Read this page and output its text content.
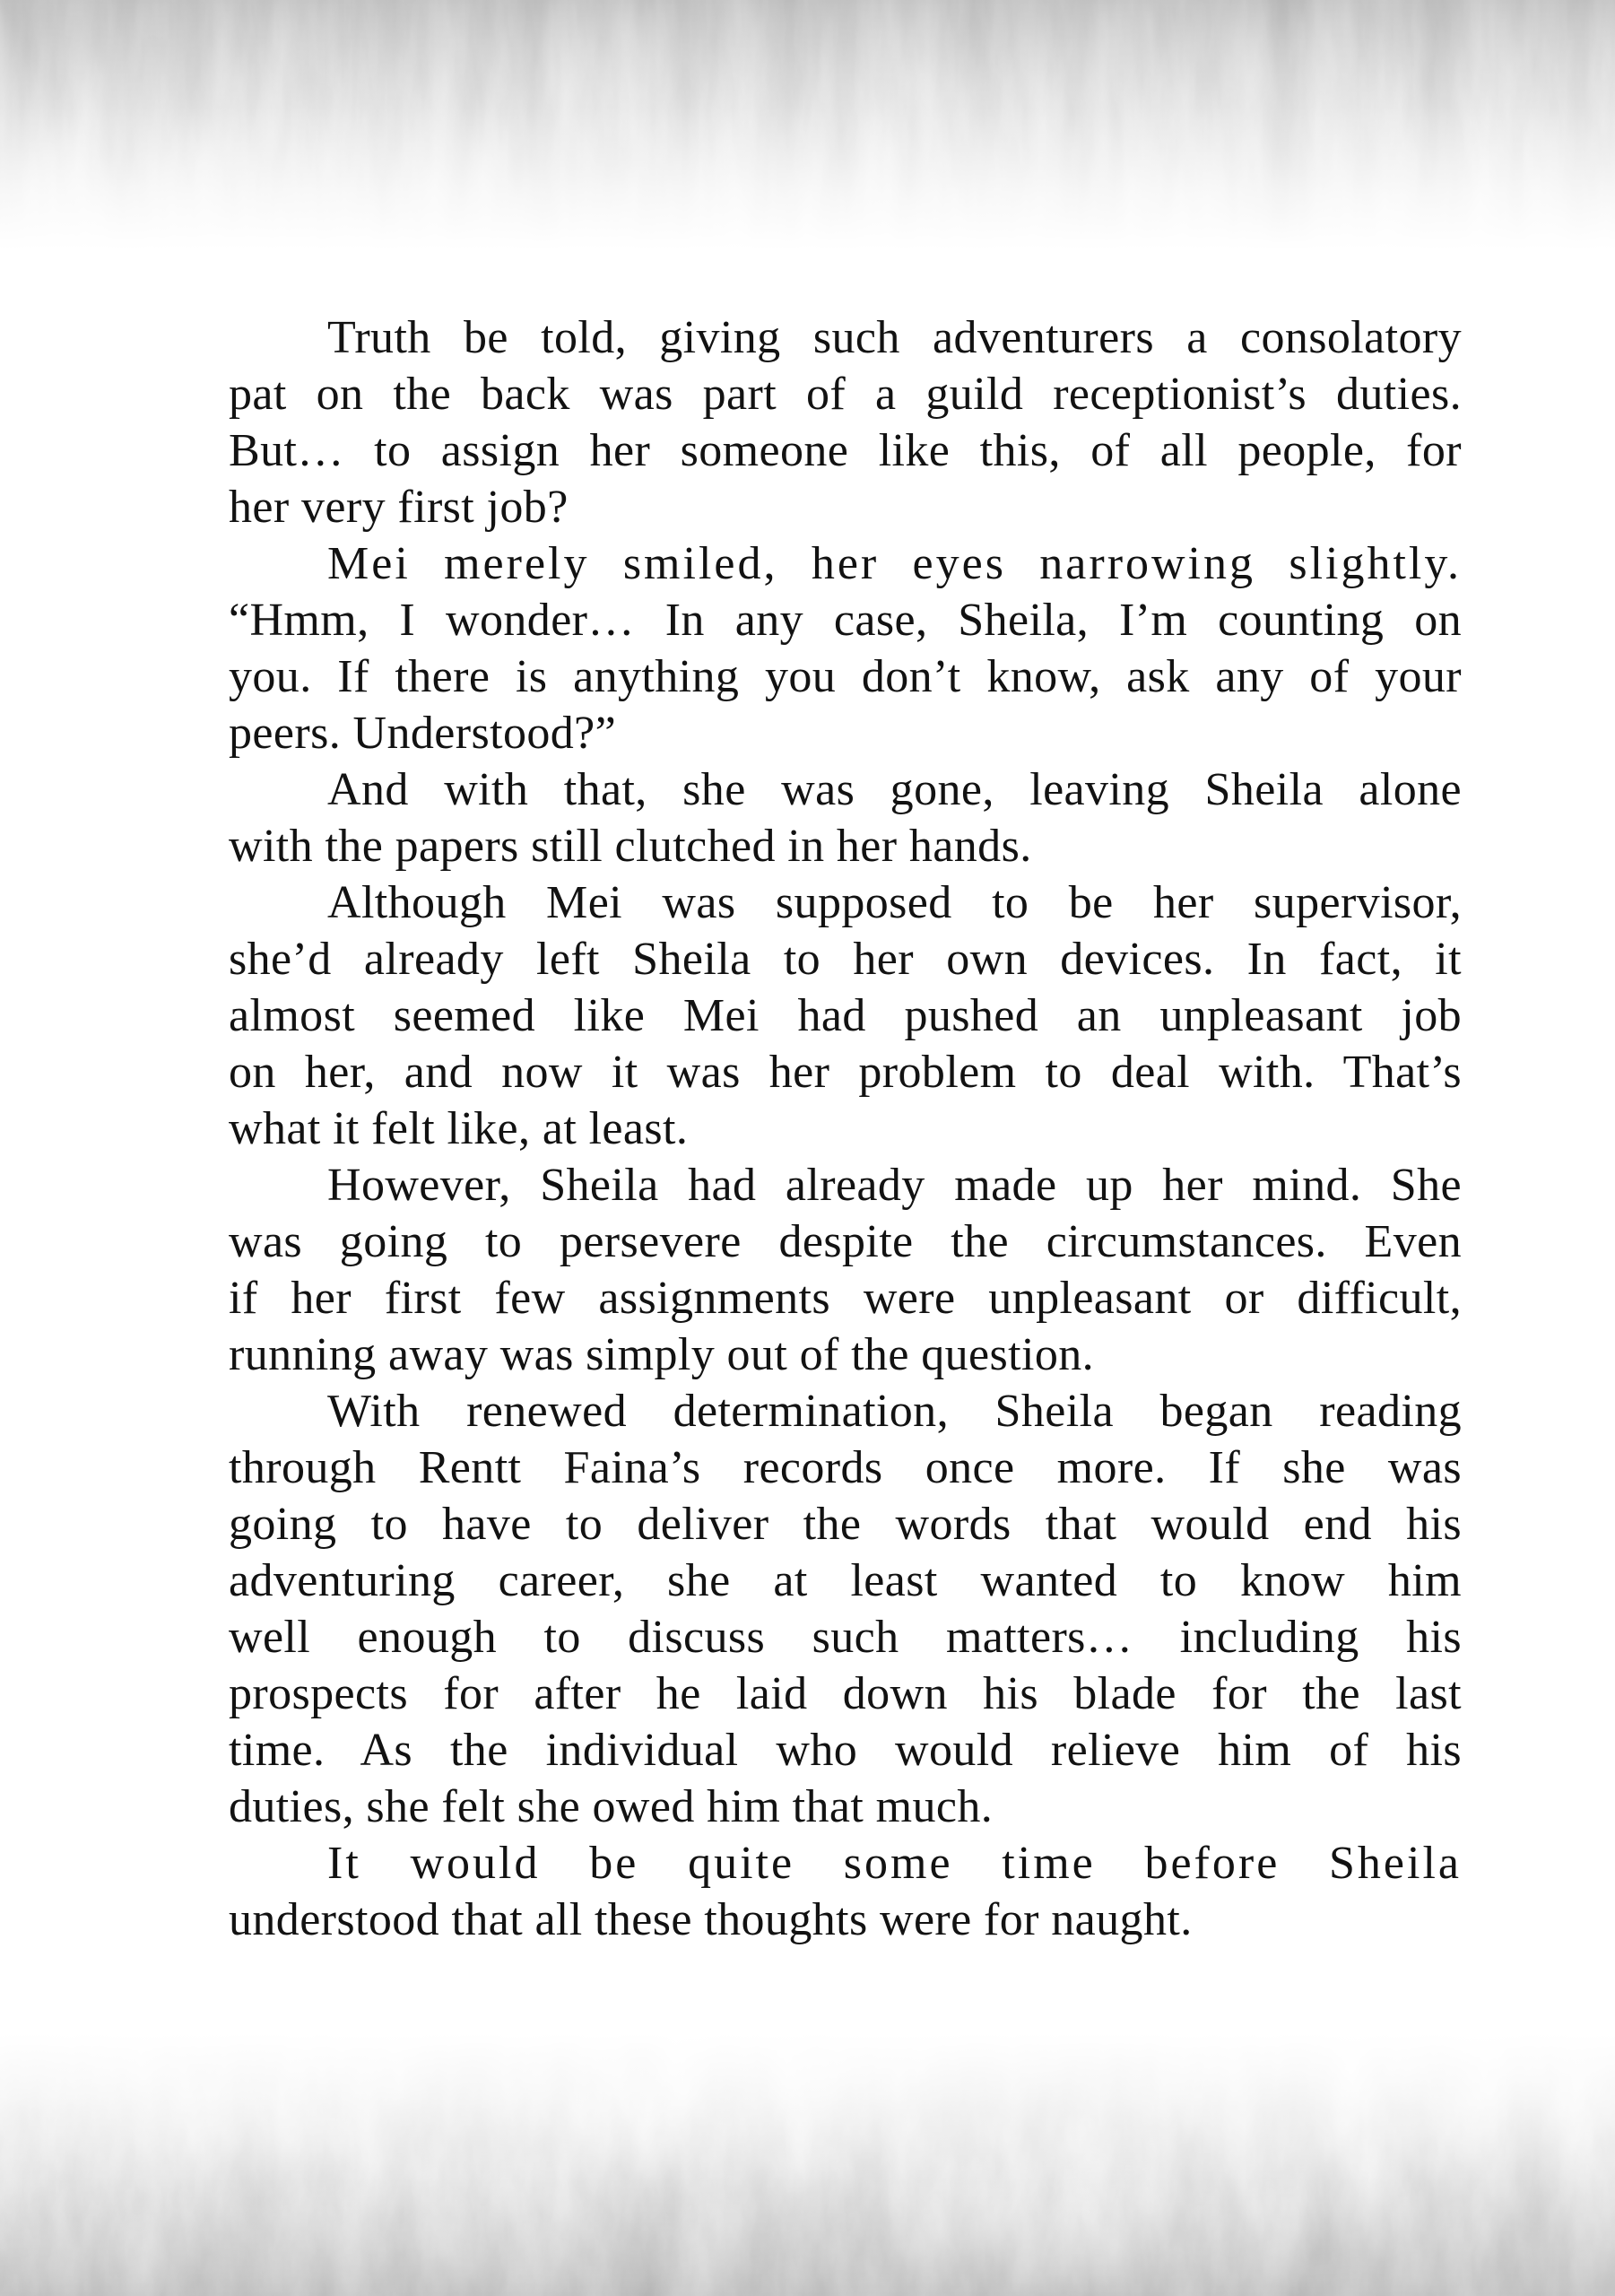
Truth be told, giving such adventurers a consolatory
pat on the back was part of a guild receptionist’s duties.
But… to assign her someone like this, of all people, for
her very first job?
Mei merely smiled, her eyes narrowing slightly.
“Hmm, I wonder… In any case, Sheila, I’m counting on
you. If there is anything you don’t know, ask any of your
peers. Understood?”
And with that, she was gone, leaving Sheila alone
with the papers still clutched in her hands.
Although Mei was supposed to be her supervisor,
she’d already left Sheila to her own devices. In fact, it
almost seemed like Mei had pushed an unpleasant job
on her, and now it was her problem to deal with. That’s
what it felt like, at least.
However, Sheila had already made up her mind. She
was going to persevere despite the circumstances. Even
if her first few assignments were unpleasant or difficult,
running away was simply out of the question.
With renewed determination, Sheila began reading
through Rentt Faina’s records once more. If she was
going to have to deliver the words that would end his
adventuring career, she at least wanted to know him
well enough to discuss such matters… including his
prospects for after he laid down his blade for the last
time. As the individual who would relieve him of his
duties, she felt she owed him that much.
It would be quite some time before Sheila
understood that all these thoughts were for naught.
